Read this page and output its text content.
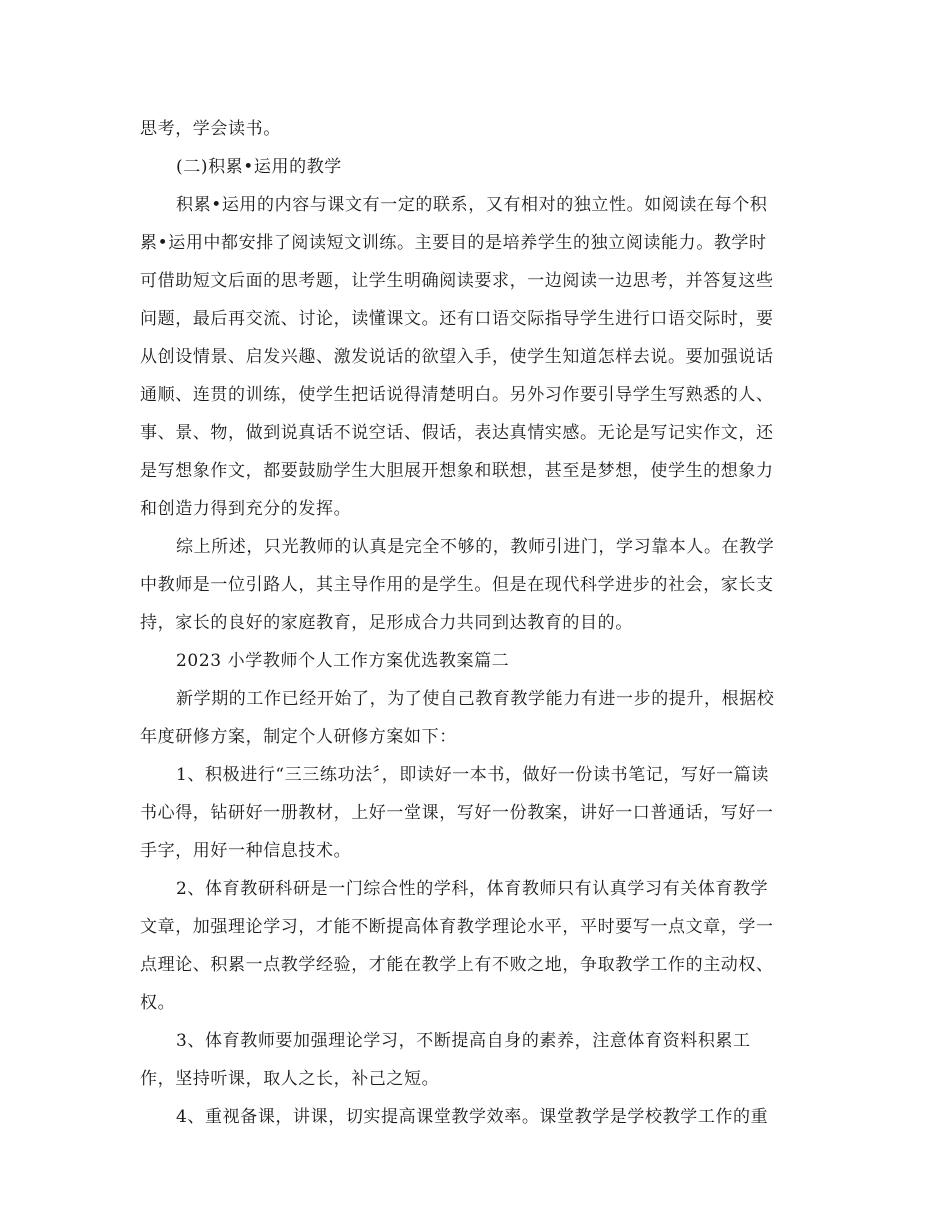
思考，学会读书。
(二)积累•运用的教学
积累•运用的内容与课文有一定的联系，又有相对的独立性。如阅读在每个积
累•运用中都安排了阅读短文训练。主要目的是培养学生的独立阅读能力。教学时
可借助短文后面的思考题，让学生明确阅读要求，一边阅读一边思考，并答复这些
问题，最后再交流、讨论，读懂课文。还有口语交际指导学生进行口语交际时，要
从创设情景、启发兴趣、激发说话的欲望入手，使学生知道怎样去说。要加强说话
通顺、连贯的训练，使学生把话说得清楚明白。另外习作要引导学生写熟悉的人、
事、景、物，做到说真话不说空话、假话，表达真情实感。无论是写记实作文，还
是写想象作文，都要鼓励学生大胆展开想象和联想，甚至是梦想，使学生的想象力
和创造力得到充分的发挥。
综上所述，只光教师的认真是完全不够的，教师引进门，学习靠本人。在教学
中教师是一位引路人，其主导作用的是学生。但是在现代科学进步的社会，家长支
持，家长的良好的家庭教育，足形成合力共同到达教育的目的。
2023 小学教师个人工作方案优选教案篇二
新学期的工作已经开始了，为了使自己教育教学能力有进一步的提升，根据校
年度研修方案，制定个人研修方案如下：
1、积极进行“三三练功法〞，即读好一本书，做好一份读书笔记，写好一篇读
书心得，钻研好一册教材，上好一堂课，写好一份教案，讲好一口普通话，写好一
手字，用好一种信息技术。
2、体育教研科研是一门综合性的学科，体育教师只有认真学习有关体育教学
文章，加强理论学习，才能不断提高体育教学理论水平，平时要写一点文章，学一
点理论、积累一点教学经验，才能在教学上有不败之地，争取教学工作的主动权、
权。
3、体育教师要加强理论学习，不断提高自身的素养，注意体育资料积累工
作，坚持听课，取人之长，补己之短。
4、重视备课，讲课，切实提高课堂教学效率。课堂教学是学校教学工作的重
